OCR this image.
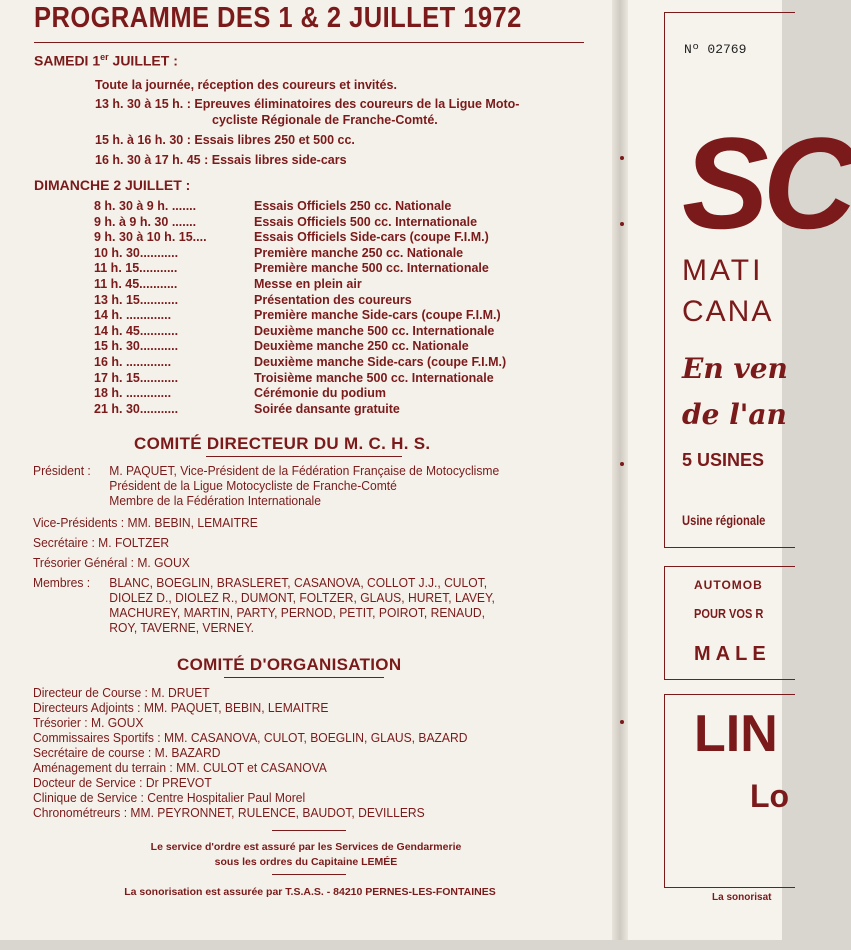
PROGRAMME DES 1 & 2 JUILLET 1972
SAMEDI 1er JUILLET :
Toute la journée, réception des coureurs et invités.
13 h. 30 à 15 h. : Epreuves éliminatoires des coureurs de la Ligue Moto-
cycliste Régionale de Franche-Comté.
15 h. à 16 h. 30 : Essais libres 250 et 500 cc.
16 h. 30 à 17 h. 45 : Essais libres side-cars
DIMANCHE 2 JUILLET :
8 h. 30 à 9 h. .......	Essais Officiels 250 cc. Nationale
9 h. à 9 h. 30 .......	Essais Officiels 500 cc. Internationale
9 h. 30 à 10 h. 15....	Essais Officiels Side-cars (coupe F.I.M.)
10 h. 30...........	Première manche 250 cc. Nationale
11 h. 15...........	Première manche 500 cc. Internationale
11 h. 45...........	Messe en plein air
13 h. 15...........	Présentation des coureurs
14 h. .............	Première manche Side-cars (coupe F.I.M.)
14 h. 45...........	Deuxième manche 500 cc. Internationale
15 h. 30...........	Deuxième manche 250 cc. Nationale
16 h. .............	Deuxième manche Side-cars (coupe F.I.M.)
17 h. 15...........	Troisième manche 500 cc. Internationale
18 h. .............	Cérémonie du podium
21 h. 30...........	Soirée dansante gratuite
COMITÉ DIRECTEUR DU M. C. H. S.
Président : M. PAQUET, Vice-Président de la Fédération Française de Motocyclisme
Président de la Ligue Motocycliste de Franche-Comté
Membre de la Fédération Internationale
Vice-Présidents : MM. BEBIN, LEMAITRE
Secrétaire : M. FOLTZER
Trésorier Général : M. GOUX
Membres : BLANC, BOEGLIN, BRASLERET, CASANOVA, COLLOT J.J., CULOT,
DIOLEZ D., DIOLEZ R., DUMONT, FOLTZER, GLAUS, HURET, LAVEY,
MACHUREY, MARTIN, PARTY, PERNOD, PETIT, POIROT, RENAUD,
ROY, TAVERNE, VERNEY.
COMITÉ D'ORGANISATION
Directeur de Course : M. DRUET
Directeurs Adjoints : MM. PAQUET, BEBIN, LEMAITRE
Trésorier : M. GOUX
Commissaires Sportifs : MM. CASANOVA, CULOT, BOEGLIN, GLAUS, BAZARD
Secrétaire de course : M. BAZARD
Aménagement du terrain : MM. CULOT et CASANOVA
Docteur de Service : Dr PREVOT
Clinique de Service : Centre Hospitalier Paul Morel
Chronométreurs : MM. PEYRONNET, RULENCE, BAUDOT, DEVILLERS
Le service d'ordre est assuré par les Services de Gendarmerie
sous les ordres du Capitaine LEMÉE
La sonorisation est assurée par T.S.A.S. - 84210 PERNES-LES-FONTAINES
Nº 02769
SC
MATI
CANA
En ven
de l'an
5 USINES
Usine régionale
AUTOMOB
POUR VOS R
MALE
LIN
Lo
La sonorisat
